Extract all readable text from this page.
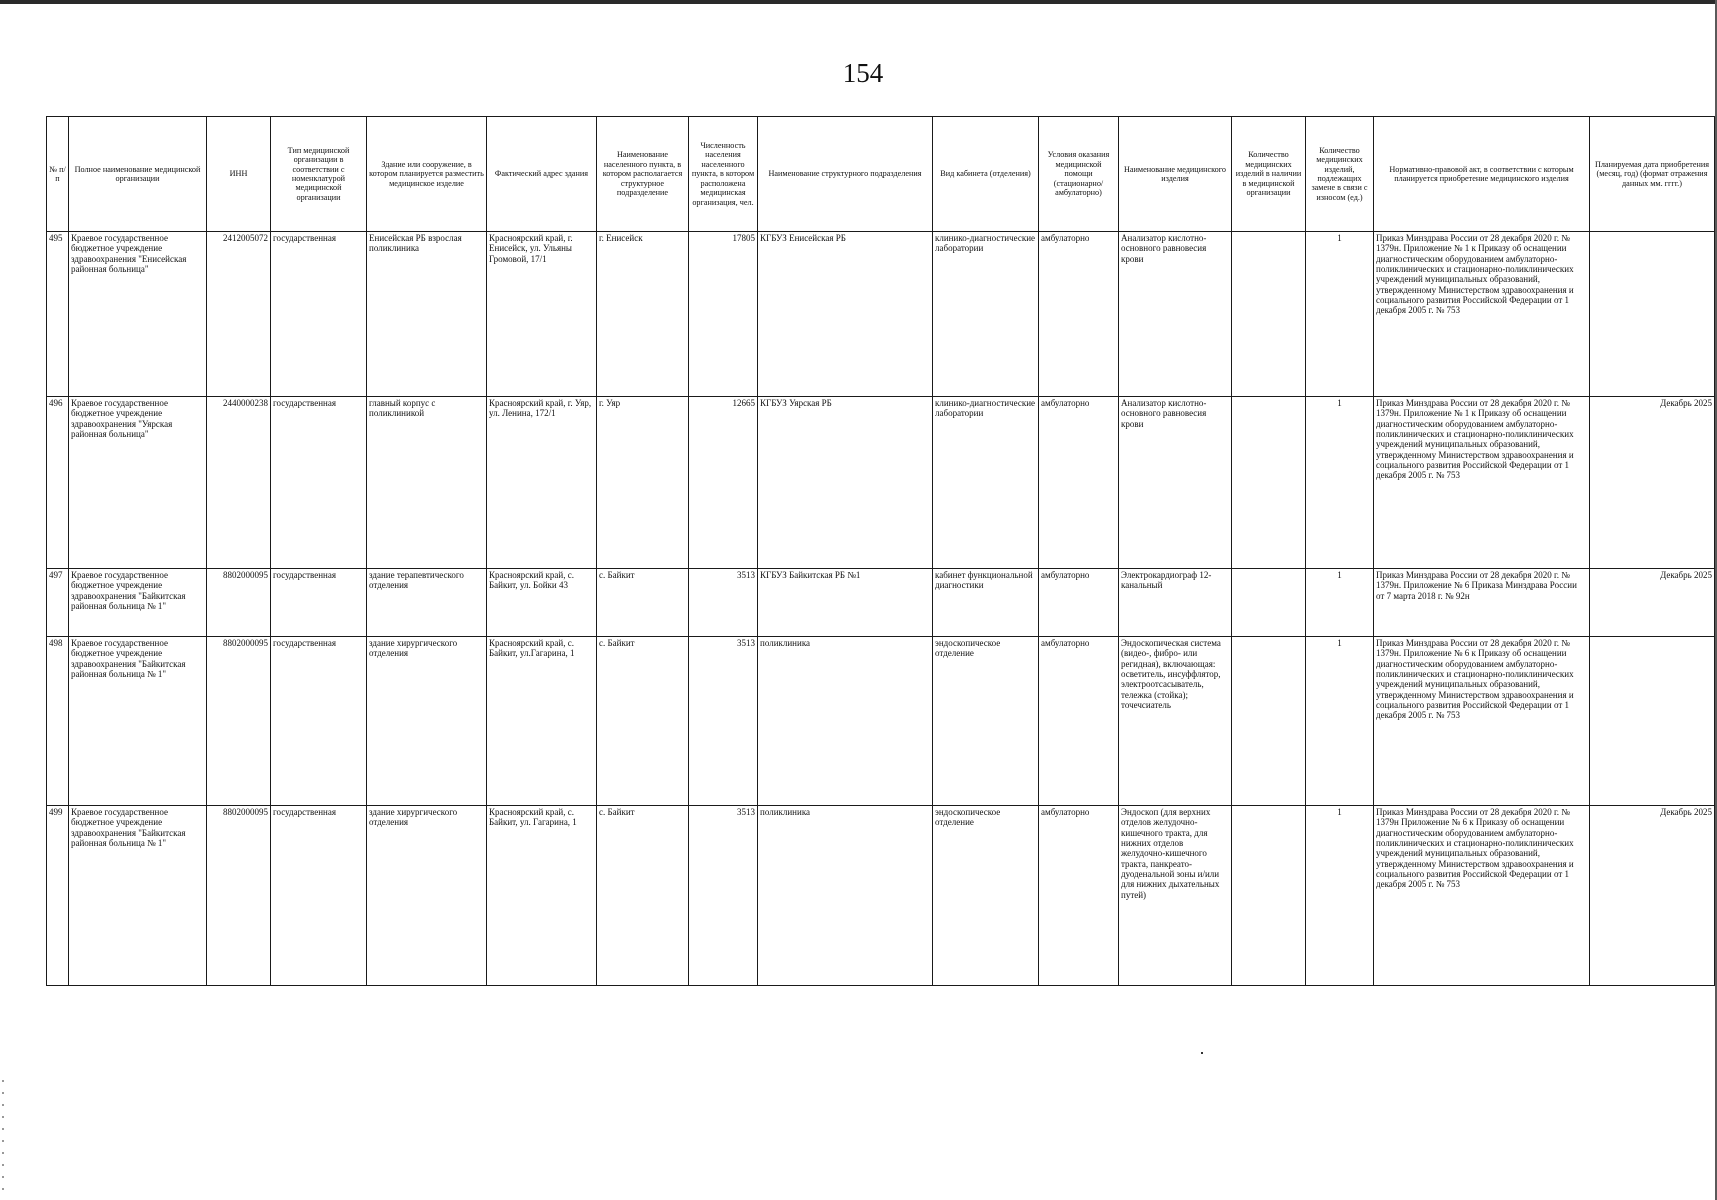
154
№ п/п	Полное наименование медицинской организации	ИНН	Тип медицинской организации в соответствии с номенклатурой медицинской организации	Здание или сооружение, в котором планируется разместить медицинское изделие	Фактический адрес здания	Наименование населенного пункта, в котором располагается структурное подразделение	Численность населения населенного пункта, в котором расположена медицинская организация, чел.	Наименование структурного подразделения	Вид кабинета (отделения)	Условия оказания медицинской помощи (стационарно/ амбулаторно)	Наименование медицинского изделия	Количество медицинских изделий в наличии в медицинской организации	Количество медицинских изделий, подлежащих замене в связи с износом (ед.)	Нормативно-правовой акт, в соответствии с которым планируется приобретение медицинского изделия	Планируемая дата приобретения (месяц, год) (формат отражения данных мм. гггг.)
495	Краевое государственное бюджетное учреждение здравоохранения "Енисейская районная больница"	2412005072	государственная	Енисейская РБ взрослая поликлиника	Красноярский край, г. Енисейск, ул. Ульяны Громовой, 17/1	г. Енисейск	17805	КГБУЗ Енисейская РБ	клинико-диагностические лаборатории	амбулаторно	Анализатор кислотно-основного равновесия крови		1	Приказ Минздрава России от 28 декабря 2020 г. № 1379н. Приложение № 1 к Приказу об оснащении диагностическим оборудованием амбулаторно-поликлинических и стационарно-поликлинических учреждений муниципальных образований, утвержденному Министерством здравоохранения и социального развития Российской Федерации от 1 декабря 2005 г. № 753	
496	Краевое государственное бюджетное учреждение здравоохранения "Уярская районная больница"	2440000238	государственная	главный корпус с поликлиникой	Красноярский край, г. Уяр, ул. Ленина, 172/1	г. Уяр	12665	КГБУЗ Уярская РБ	клинико-диагностические лаборатории	амбулаторно	Анализатор кислотно-основного равновесия крови		1	Приказ Минздрава России от 28 декабря 2020 г. № 1379н. Приложение № 1 к Приказу об оснащении диагностическим оборудованием амбулаторно-поликлинических и стационарно-поликлинических учреждений муниципальных образований, утвержденному Министерством здравоохранения и социального развития Российской Федерации от 1 декабря 2005 г. № 753	Декабрь 2025
497	Краевое государственное бюджетное учреждение здравоохранения "Байкитская районная больница № 1"	8802000095	государственная	здание терапевтического отделения	Красноярский край, с. Байкит, ул. Бойки 43	с. Байкит	3513	КГБУЗ Байкитская РБ №1	кабинет функциональной диагностики	амбулаторно	Электрокардиограф 12-канальный		1	Приказ Минздрава России от 28 декабря 2020 г. № 1379н. Приложение № 6 Приказа Минздрава России от 7 марта 2018 г. № 92н	Декабрь 2025
498	Краевое государственное бюджетное учреждение здравоохранения "Байкитская районная больница № 1"	8802000095	государственная	здание хирургического отделения	Красноярский край, с. Байкит, ул.Гагарина, 1	с. Байкит	3513	поликлиника	эндоскопическое отделение	амбулаторно	Эндоскопическая система (видео-, фибро- или регидная), включающая: осветитель, инсуффлятор, электроотсасыватель, тележка (стойка); точечсиатель		1	Приказ Минздрава России от 28 декабря 2020 г. № 1379н. Приложение № 6 к Приказу об оснащении диагностическим оборудованием амбулаторно-поликлинических и стационарно-поликлинических учреждений муниципальных образований, утвержденному Министерством здравоохранения и социального развития Российской Федерации от 1 декабря 2005 г. № 753	
499	Краевое государственное бюджетное учреждение здравоохранения "Байкитская районная больница № 1"	8802000095	государственная	здание хирургического отделения	Красноярский край, с. Байкит, ул. Гагарина, 1	с. Байкит	3513	поликлиника	эндоскопическое отделение	амбулаторно	Эндоскоп (для верхних отделов желудочно-кишечного тракта, для нижних отделов желудочно-кишечного тракта, панкреато-дуоденальной зоны и/или для нижних дыхательных путей)		1	Приказ Минздрава России от 28 декабря 2020 г. № 1379н Приложение № 6 к Приказу об оснащении диагностическим оборудованием амбулаторно-поликлинических и стационарно-поликлинических учреждений муниципальных образований, утвержденному Министерством здравоохранения и социального развития Российской Федерации от 1 декабря 2005 г. № 753	Декабрь 2025
